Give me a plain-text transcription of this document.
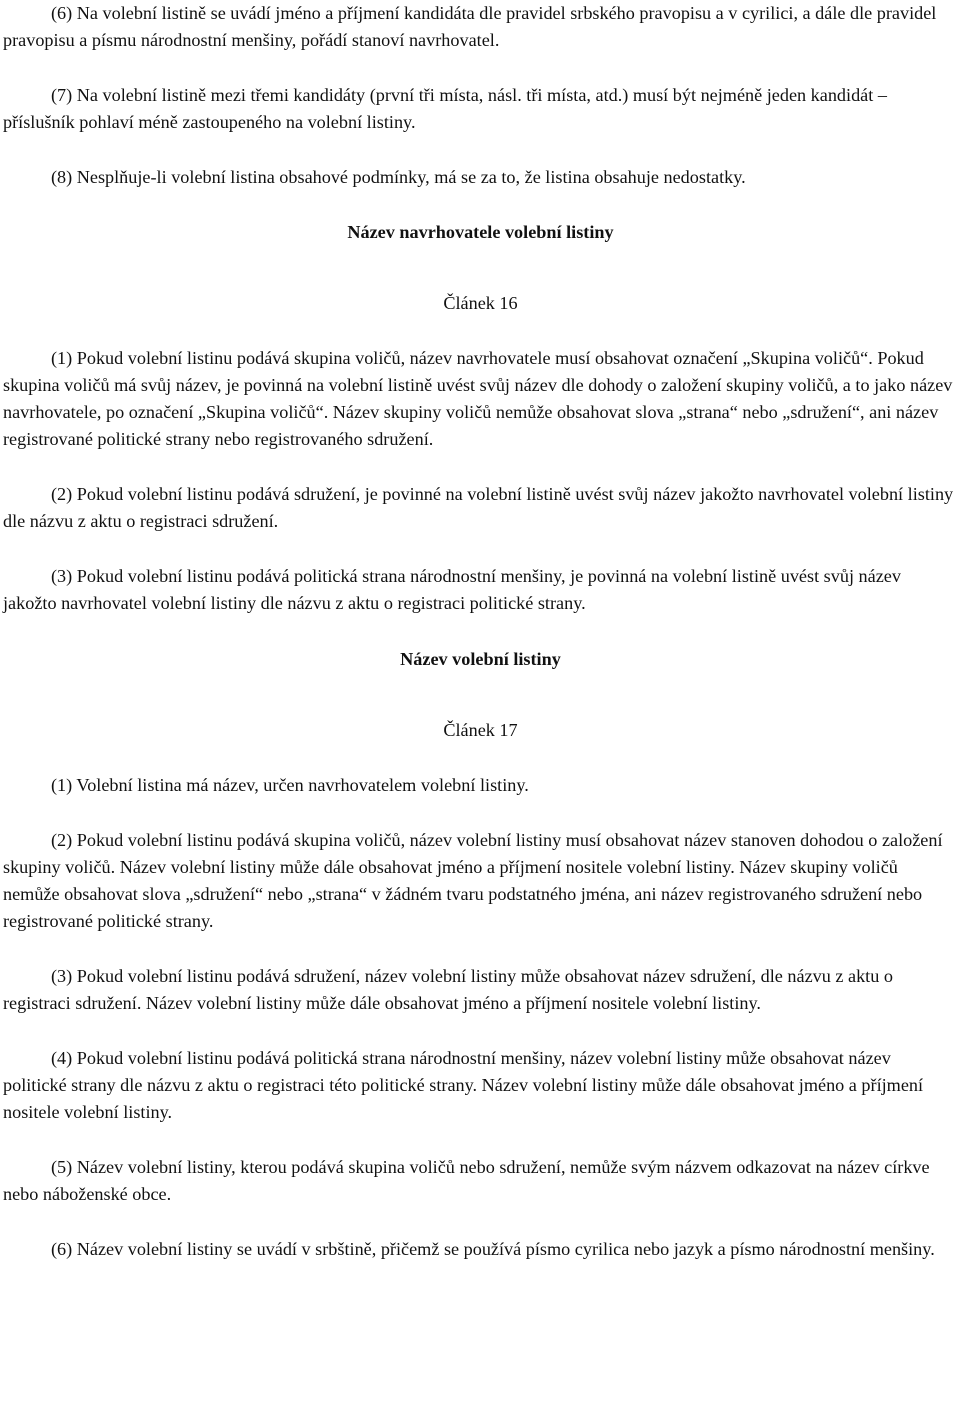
(6) Na volební listině se uvádí jméno a příjmení kandidáta dle pravidel srbského pravopisu a v cyrilici, a dále dle pravidel pravopisu a písmu národnostní menšiny, pořádí stanoví navrhovatel.

(7) Na volební listině mezi třemi kandidáty (první tři místa, násl. tři místa, atd.) musí být nejméně jeden kandidát – příslušník pohlaví méně zastoupeného na volební listiny.

(8) Nesplňuje-li volební listina obsahové podmínky, má se za to, že listina obsahuje nedostatky.

Název navrhovatele volební listiny

Článek 16

(1) Pokud volební listinu podává skupina voličů, název navrhovatele musí obsahovat označení „Skupina voličů“. Pokud skupina voličů má svůj název, je povinná na volební listině uvést svůj název dle dohody o založení skupiny voličů, a to jako název navrhovatele, po označení „Skupina voličů“. Název skupiny voličů nemůže obsahovat slova „strana“ nebo „sdružení“, ani název registrované politické strany nebo registrovaného sdružení.

(2) Pokud volební listinu podává sdružení, je povinné na volební listině uvést svůj název jakožto navrhovatel volební listiny dle názvu z aktu o registraci sdružení.

(3) Pokud volební listinu podává politická strana národnostní menšiny, je povinná na volební listině uvést svůj název jakožto navrhovatel volební listiny dle názvu z aktu o registraci politické strany.

Název volební listiny

Článek 17

(1) Volební listina má název, určen navrhovatelem volební listiny.

(2) Pokud volební listinu podává skupina voličů, název volební listiny musí obsahovat název stanoven dohodou o založení skupiny voličů. Název volební listiny může dále obsahovat jméno a příjmení nositele volební listiny. Název skupiny voličů nemůže obsahovat slova „sdružení“ nebo „strana“ v žádném tvaru podstatného jména, ani název registrovaného sdružení nebo registrované politické strany.

(3) Pokud volební listinu podává sdružení, název volební listiny může obsahovat název sdružení, dle názvu z aktu o registraci sdružení. Název volební listiny může dále obsahovat jméno a příjmení nositele volební listiny.

(4) Pokud volební listinu podává politická strana národnostní menšiny, název volební listiny může obsahovat název politické strany dle názvu z aktu o registraci této politické strany. Název volební listiny může dále obsahovat jméno a příjmení nositele volební listiny.

(5) Název volební listiny, kterou podává skupina voličů nebo sdružení, nemůže svým názvem odkazovat na název církve nebo náboženské obce.

(6) Název volební listiny se uvádí v srbštině, přičemž se používá písmo cyrilica nebo jazyk a písmo národnostní menšiny.
